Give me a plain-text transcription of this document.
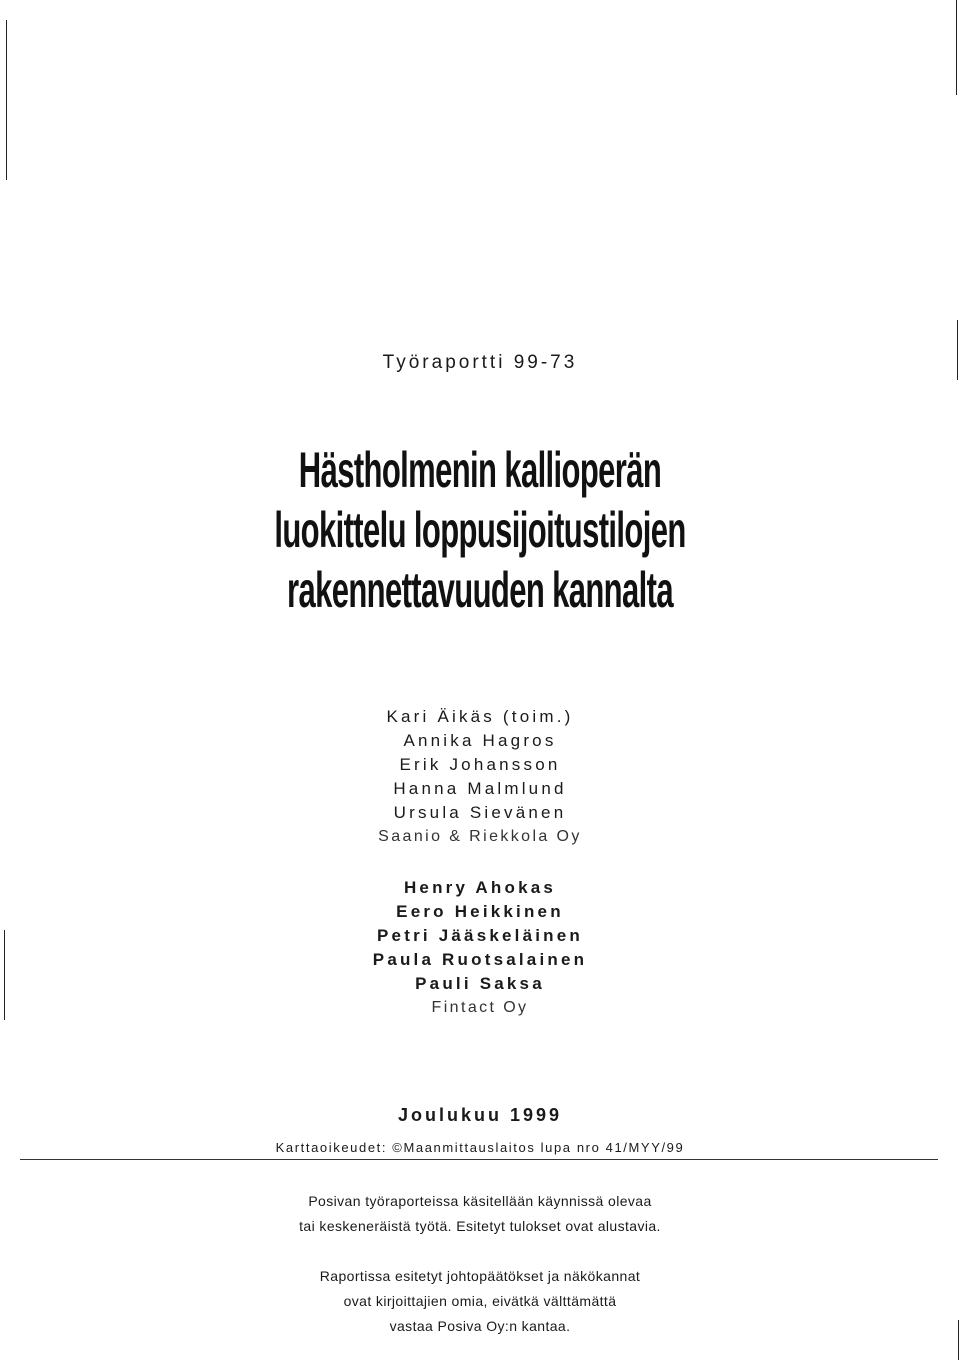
Työraportti 99-73
Hästholmenin kallioperän
luokittelu loppusijoitustilojen
rakennettavuuden kannalta
Kari Äikäs (toim.)
Annika Hagros
Erik Johansson
Hanna Malmlund
Ursula Sievänen
Saanio & Riekkola Oy
Henry Ahokas
Eero Heikkinen
Petri Jääskeläinen
Paula Ruotsalainen
Pauli Saksa
Fintact Oy
Joulukuu 1999
Karttaoikeudet: ©Maanmittauslaitos lupa nro 41/MYY/99
Posivan työraporteissa käsitellään käynnissä olevaa
tai keskeneräistä työtä. Esitetyt tulokset ovat alustavia.
Raportissa esitetyt johtopäätökset ja näkökannat
ovat kirjoittajien omia, eivätkä välttämättä
vastaa Posiva Oy:n kantaa.
